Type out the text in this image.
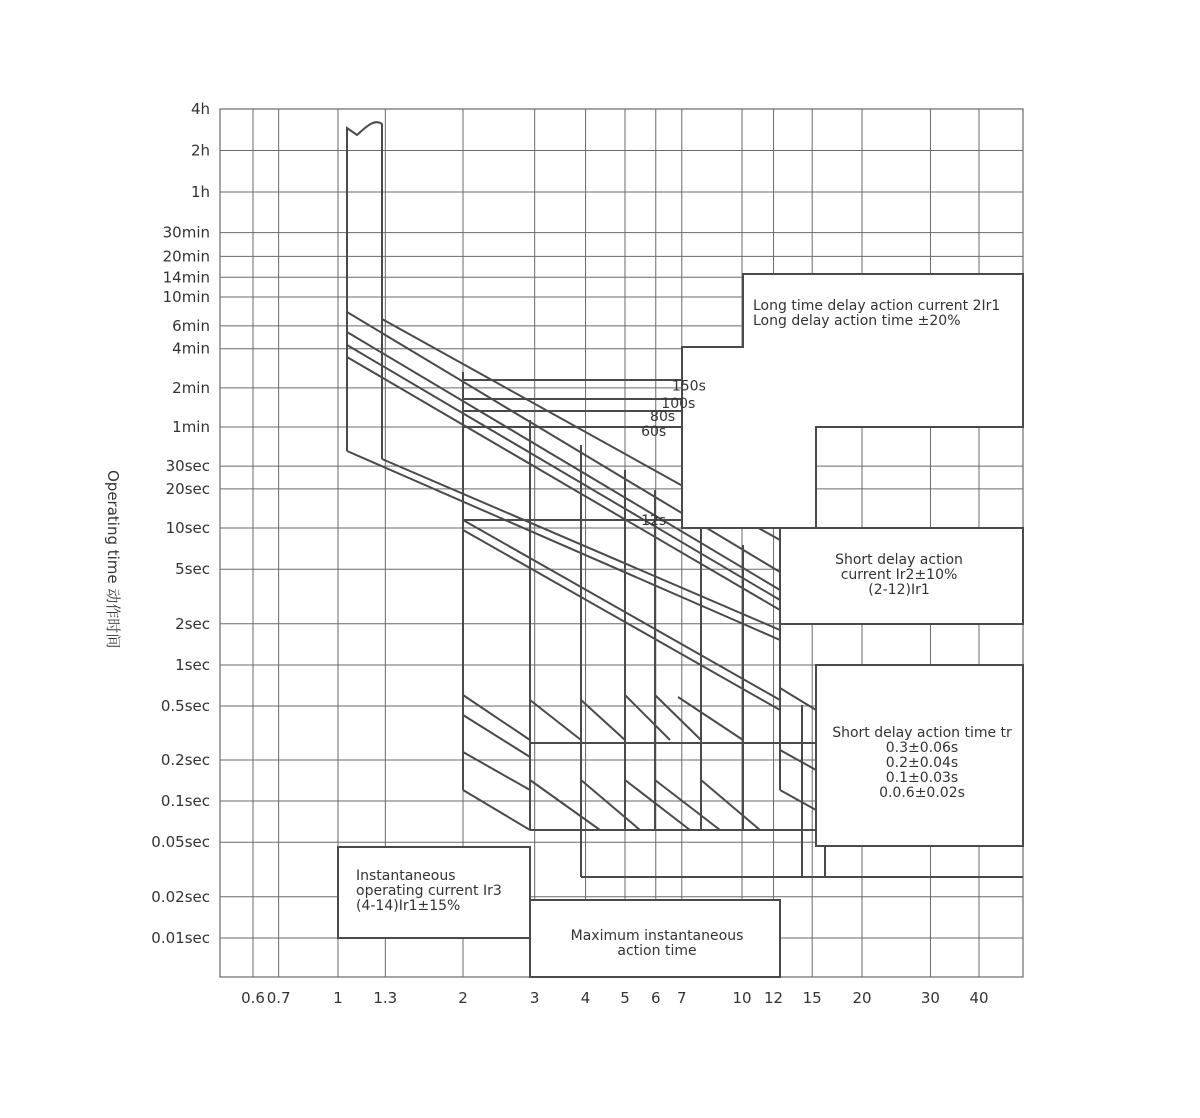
0.6 0.7	1 1.3	2	3	4 5 6 7	10 12 15 20	30 40
4h
2h
1h
30min
20min
14min
10min
6min
4min
2min
1min
30sec
20sec
10sec
5sec
2sec
1sec
0.5sec
0.2sec
0.1sec
0.05sec
0.02sec
0.01sec
Long time delay action current 2Ir1
Long delay action time ±20%
Short delay action
current Ir2±10%
(2-12)Ir1
Short delay action time tr
0.3±0.06s
0.2±0.04s
0.1±0.03s
0.0.6±0.02s
Instantaneous
operating current Ir3
(4-14)Ir1±15%
Maximum instantaneous
action time
150s
100s
80s
60s
12s
Operating time 动作时间
